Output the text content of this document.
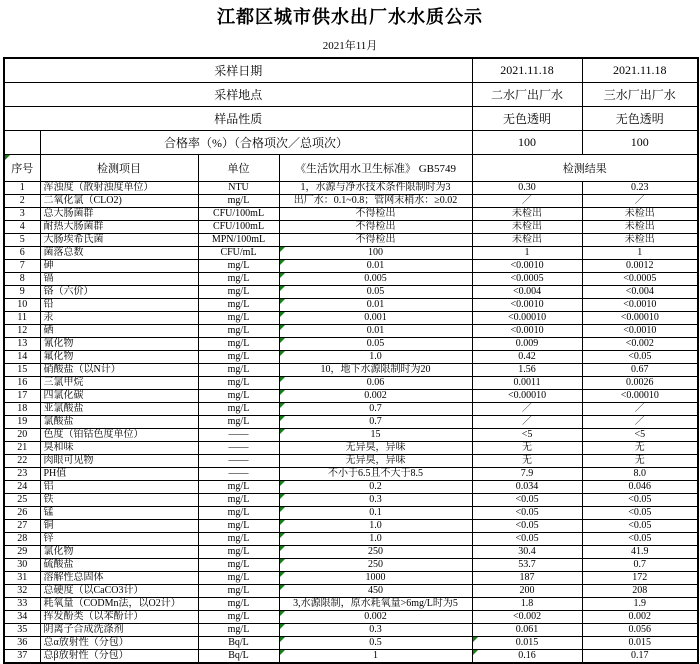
江都区城市供水出厂水水质公示
2021年11月
采样日期				2021.11.18	2021.11.18
采样地点				二水厂出厂水	三水厂出厂水
样品性质				无色透明	无色透明
	合格率（%）（合格项次／总项次）			100	100
序号	检测项目	单位	《生活饮用水卫生标准》 GB5749	检测结果	
1	浑浊度（散射浊度单位）	NTU	1，水源与净水技术条件限制时为3	0.30	0.23
2	二氧化氯（CLO2)	mg/L	出厂水：0.1~0.8；管网末稍水：≥0.02	／	／
3	总大肠菌群	CFU/100mL	不得检出	未检出	未检出
4	耐热大肠菌群	CFU/100mL	不得检出	未检出	未检出
5	大肠埃希氏菌	MPN/100mL	不得检出	未检出	未检出
6	菌落总数	CFU/mL	100	1	1
7	砷	mg/L	0.01	<0.0010	0.0012
8	镉	mg/L	0.005	<0.0005	<0.0005
9	铬（六价）	mg/L	0.05	<0.004	<0.004
10	铅	mg/L	0.01	<0.0010	<0.0010
11	汞	mg/L	0.001	<0.00010	<0.00010
12	硒	mg/L	0.01	<0.0010	<0.0010
13	氰化物	mg/L	0.05	0.009	<0.002
14	氟化物	mg/L	1.0	0.42	<0.05
15	硝酸盐（以N计）	mg/L	10，地下水源限制时为20	1.56	0.67
16	三氯甲烷	mg/L	0.06	0.0011	0.0026
17	四氯化碳	mg/L	0.002	<0.00010	<0.00010
18	亚氯酸盐	mg/L	0.7	／	／
19	氯酸盐	mg/L	0.7	／	／
20	色度（铂钴色度单位）	——	15	<5	<5
21	臭和味	——	无异臭，异味	无	无
22	肉眼可见物	——	无异臭，异味	无	无
23	PH值	——	不小于6.5且不大于8.5	7.9	8.0
24	铝	mg/L	0.2	0.034	0.046
25	铁	mg/L	0.3	<0.05	<0.05
26	锰	mg/L	0.1	<0.05	<0.05
27	铜	mg/L	1.0	<0.05	<0.05
28	锌	mg/L	1.0	<0.05	<0.05
29	氯化物	mg/L	250	30.4	41.9
30	硫酸盐	mg/L	250	53.7	0.7
31	溶解性总固体	mg/L	1000	187	172
32	总硬度（以CaCO3计）	mg/L	450	200	208
33	耗氧量（CODMn法，以O2计）	mg/L	3,水源限制，原水耗氧量>6mg/L时为5	1.8	1.9
34	挥发酚类（以苯酚计）	mg/L	0.002	<0.002	0.002
35	阴离子合成洗涤剂	mg/L	0.3	0.061	0.056
36	总α放射性（分包）	Bq/L	0.5	0.015	0.015
37	总β放射性（分包）	Bq/L	1	0.16	0.17
